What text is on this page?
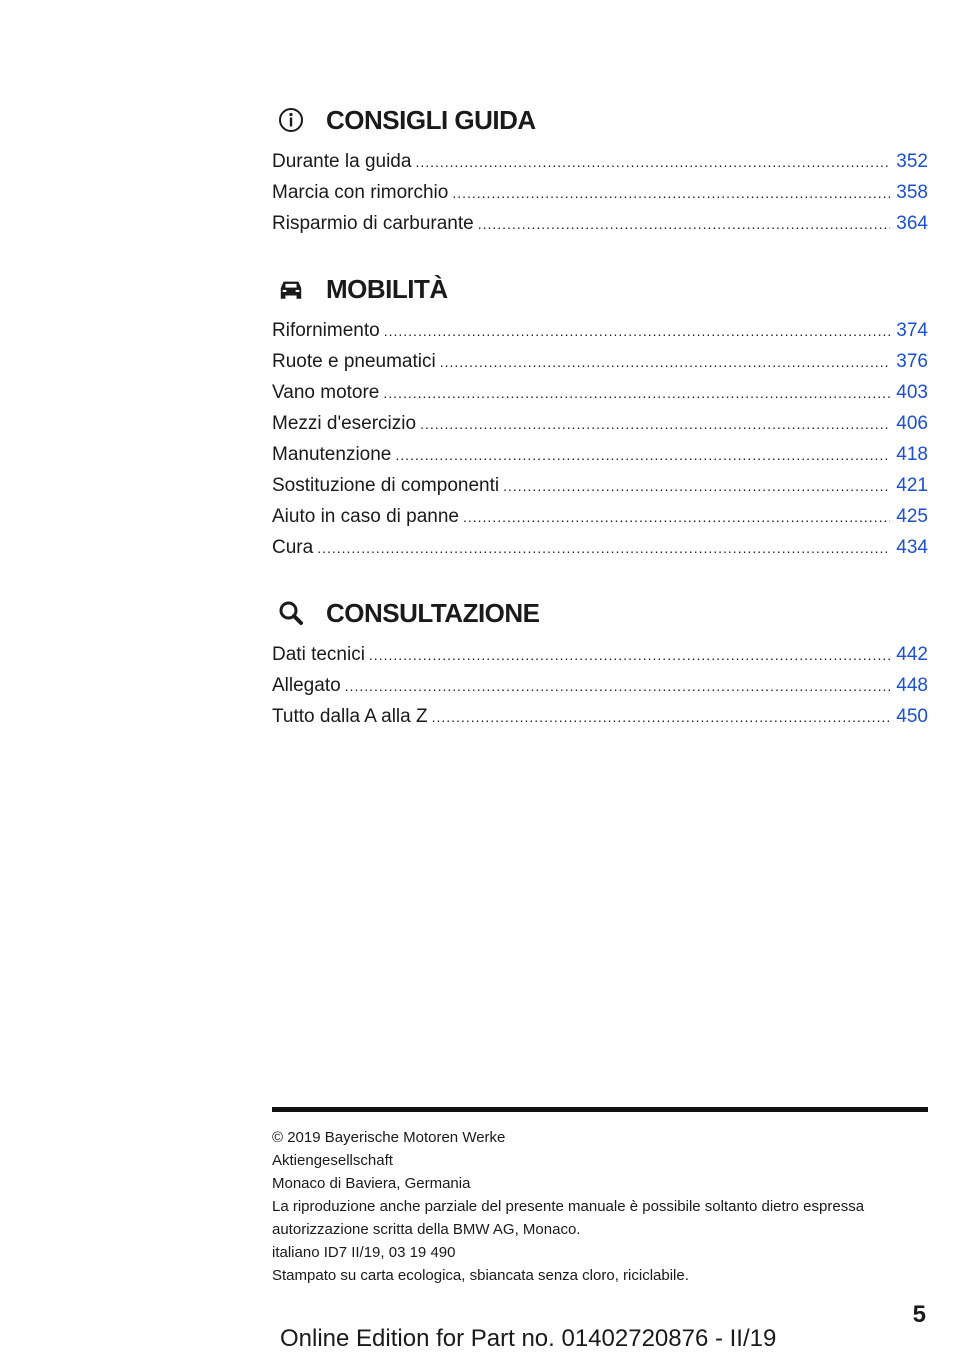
CONSIGLI GUIDA
Durante la guida .....	352
Marcia con rimorchio .....	358
Risparmio di carburante .....	364
MOBILITÀ
Rifornimento .....	374
Ruote e pneumatici .....	376
Vano motore .....	403
Mezzi d'esercizio .....	406
Manutenzione .....	418
Sostituzione di componenti .....	421
Aiuto in caso di panne .....	425
Cura .....	434
CONSULTAZIONE
Dati tecnici .....	442
Allegato .....	448
Tutto dalla A alla Z .....	450
© 2019 Bayerische Motoren Werke
Aktiengesellschaft
Monaco di Baviera, Germania
La riproduzione anche parziale del presente manuale è possibile soltanto dietro espressa
autorizzazione scritta della BMW AG, Monaco.
italiano ID7 II/19, 03 19 490
Stampato su carta ecologica, sbiancata senza cloro, riciclabile.
5
Online Edition for Part no. 01402720876 - II/19
